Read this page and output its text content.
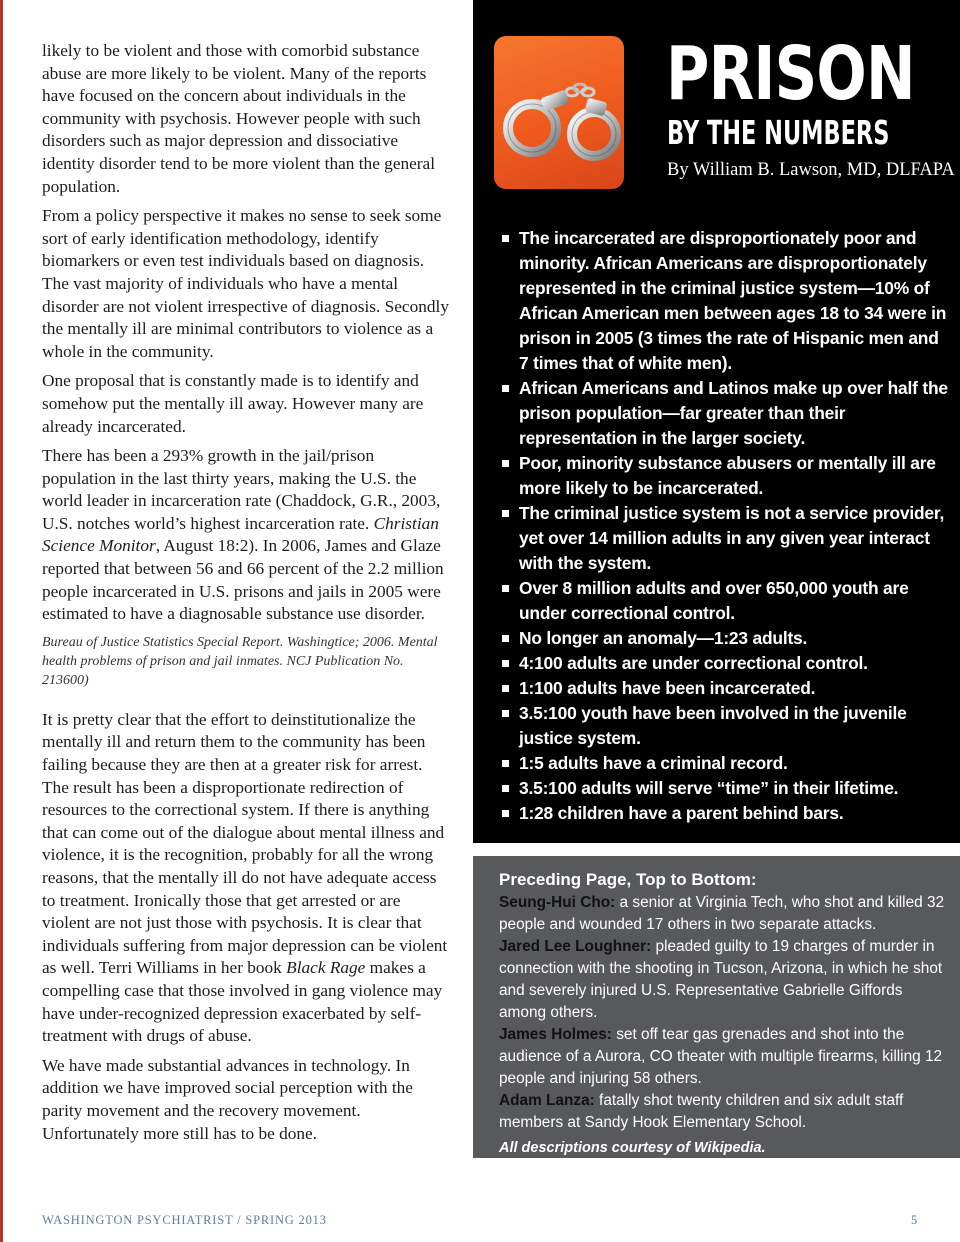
likely to be violent and those with comorbid substance abuse are more likely to be violent. Many of the reports have focused on the concern about individuals in the community with psychosis. However people with such disorders such as major depression and dissociative identity disorder tend to be more violent than the general population.

From a policy perspective it makes no sense to seek some sort of early identification methodology, identify biomarkers or even test individuals based on diagnosis. The vast majority of individuals who have a mental disorder are not violent irrespective of diagnosis. Secondly the mentally ill are minimal contributors to violence as a whole in the community.

One proposal that is constantly made is to identify and somehow put the mentally ill away. However many are already incarcerated.

There has been a 293% growth in the jail/prison population in the last thirty years, making the U.S. the world leader in incarceration rate (Chaddock, G.R., 2003, U.S. notches world’s highest incarceration rate. Christian Science Monitor, August 18:2). In 2006, James and Glaze reported that between 56 and 66 percent of the 2.2 million people incarcerated in U.S. prisons and jails in 2005 were estimated to have a diagnosable substance use disorder.

Bureau of Justice Statistics Special Report. Washingtice; 2006. Mental health problems of prison and jail inmates. NCJ Publication No. 213600)

It is pretty clear that the effort to deinstitutionalize the mentally ill and return them to the community has been failing because they are then at a greater risk for arrest. The result has been a disproportionate redirection of resources to the correctional system. If there is anything that can come out of the dialogue about mental illness and violence, it is the recognition, probably for all the wrong reasons, that the mentally ill do not have adequate access to treatment. Ironically those that get arrested or are violent are not just those with psychosis. It is clear that individuals suffering from major depression can be violent as well. Terri Williams in her book Black Rage makes a compelling case that those involved in gang violence may have under-recognized depression exacerbated by self-treatment with drugs of abuse.

We have made substantial advances in technology. In addition we have improved social perception with the parity movement and the recovery movement. Unfortunately more still has to be done.

PRISON
BY THE NUMBERS
By William B. Lawson, MD, DLFAPA
The incarcerated are disproportionately poor and minority. African Americans are disproportionately represented in the criminal justice system—10% of African American men between ages 18 to 34 were in prison in 2005 (3 times the rate of Hispanic men and 7 times that of white men).
African Americans and Latinos make up over half the prison population—far greater than their representation in the larger society.
Poor, minority substance abusers or mentally ill are more likely to be incarcerated.
The criminal justice system is not a service provider, yet over 14 million adults in any given year interact with the system.
Over 8 million adults and over 650,000 youth are under correctional control.
No longer an anomaly—1:23 adults.
4:100 adults are under correctional control.
1:100 adults have been incarcerated.
3.5:100 youth have been involved in the juvenile justice system.
1:5 adults have a criminal record.
3.5:100 adults will serve “time” in their lifetime.
1:28 children have a parent behind bars.

Preceding Page, Top to Bottom:

Seung-Hui Cho: a senior at Virginia Tech, who shot and killed 32 people and wounded 17 others in two separate attacks.

Jared Lee Loughner: pleaded guilty to 19 charges of murder in connection with the shooting in Tucson, Arizona, in which he shot and severely injured U.S. Representative Gabrielle Giffords among others.

James Holmes: set off tear gas grenades and shot into the audience of a Aurora, CO theater with multiple firearms, killing 12 people and injuring 58 others.

Adam Lanza: fatally shot twenty children and six adult staff members at Sandy Hook Elementary School.

All descriptions courtesy of Wikipedia.

WASHINGTON PSYCHIATRIST / SPRING 2013	5
